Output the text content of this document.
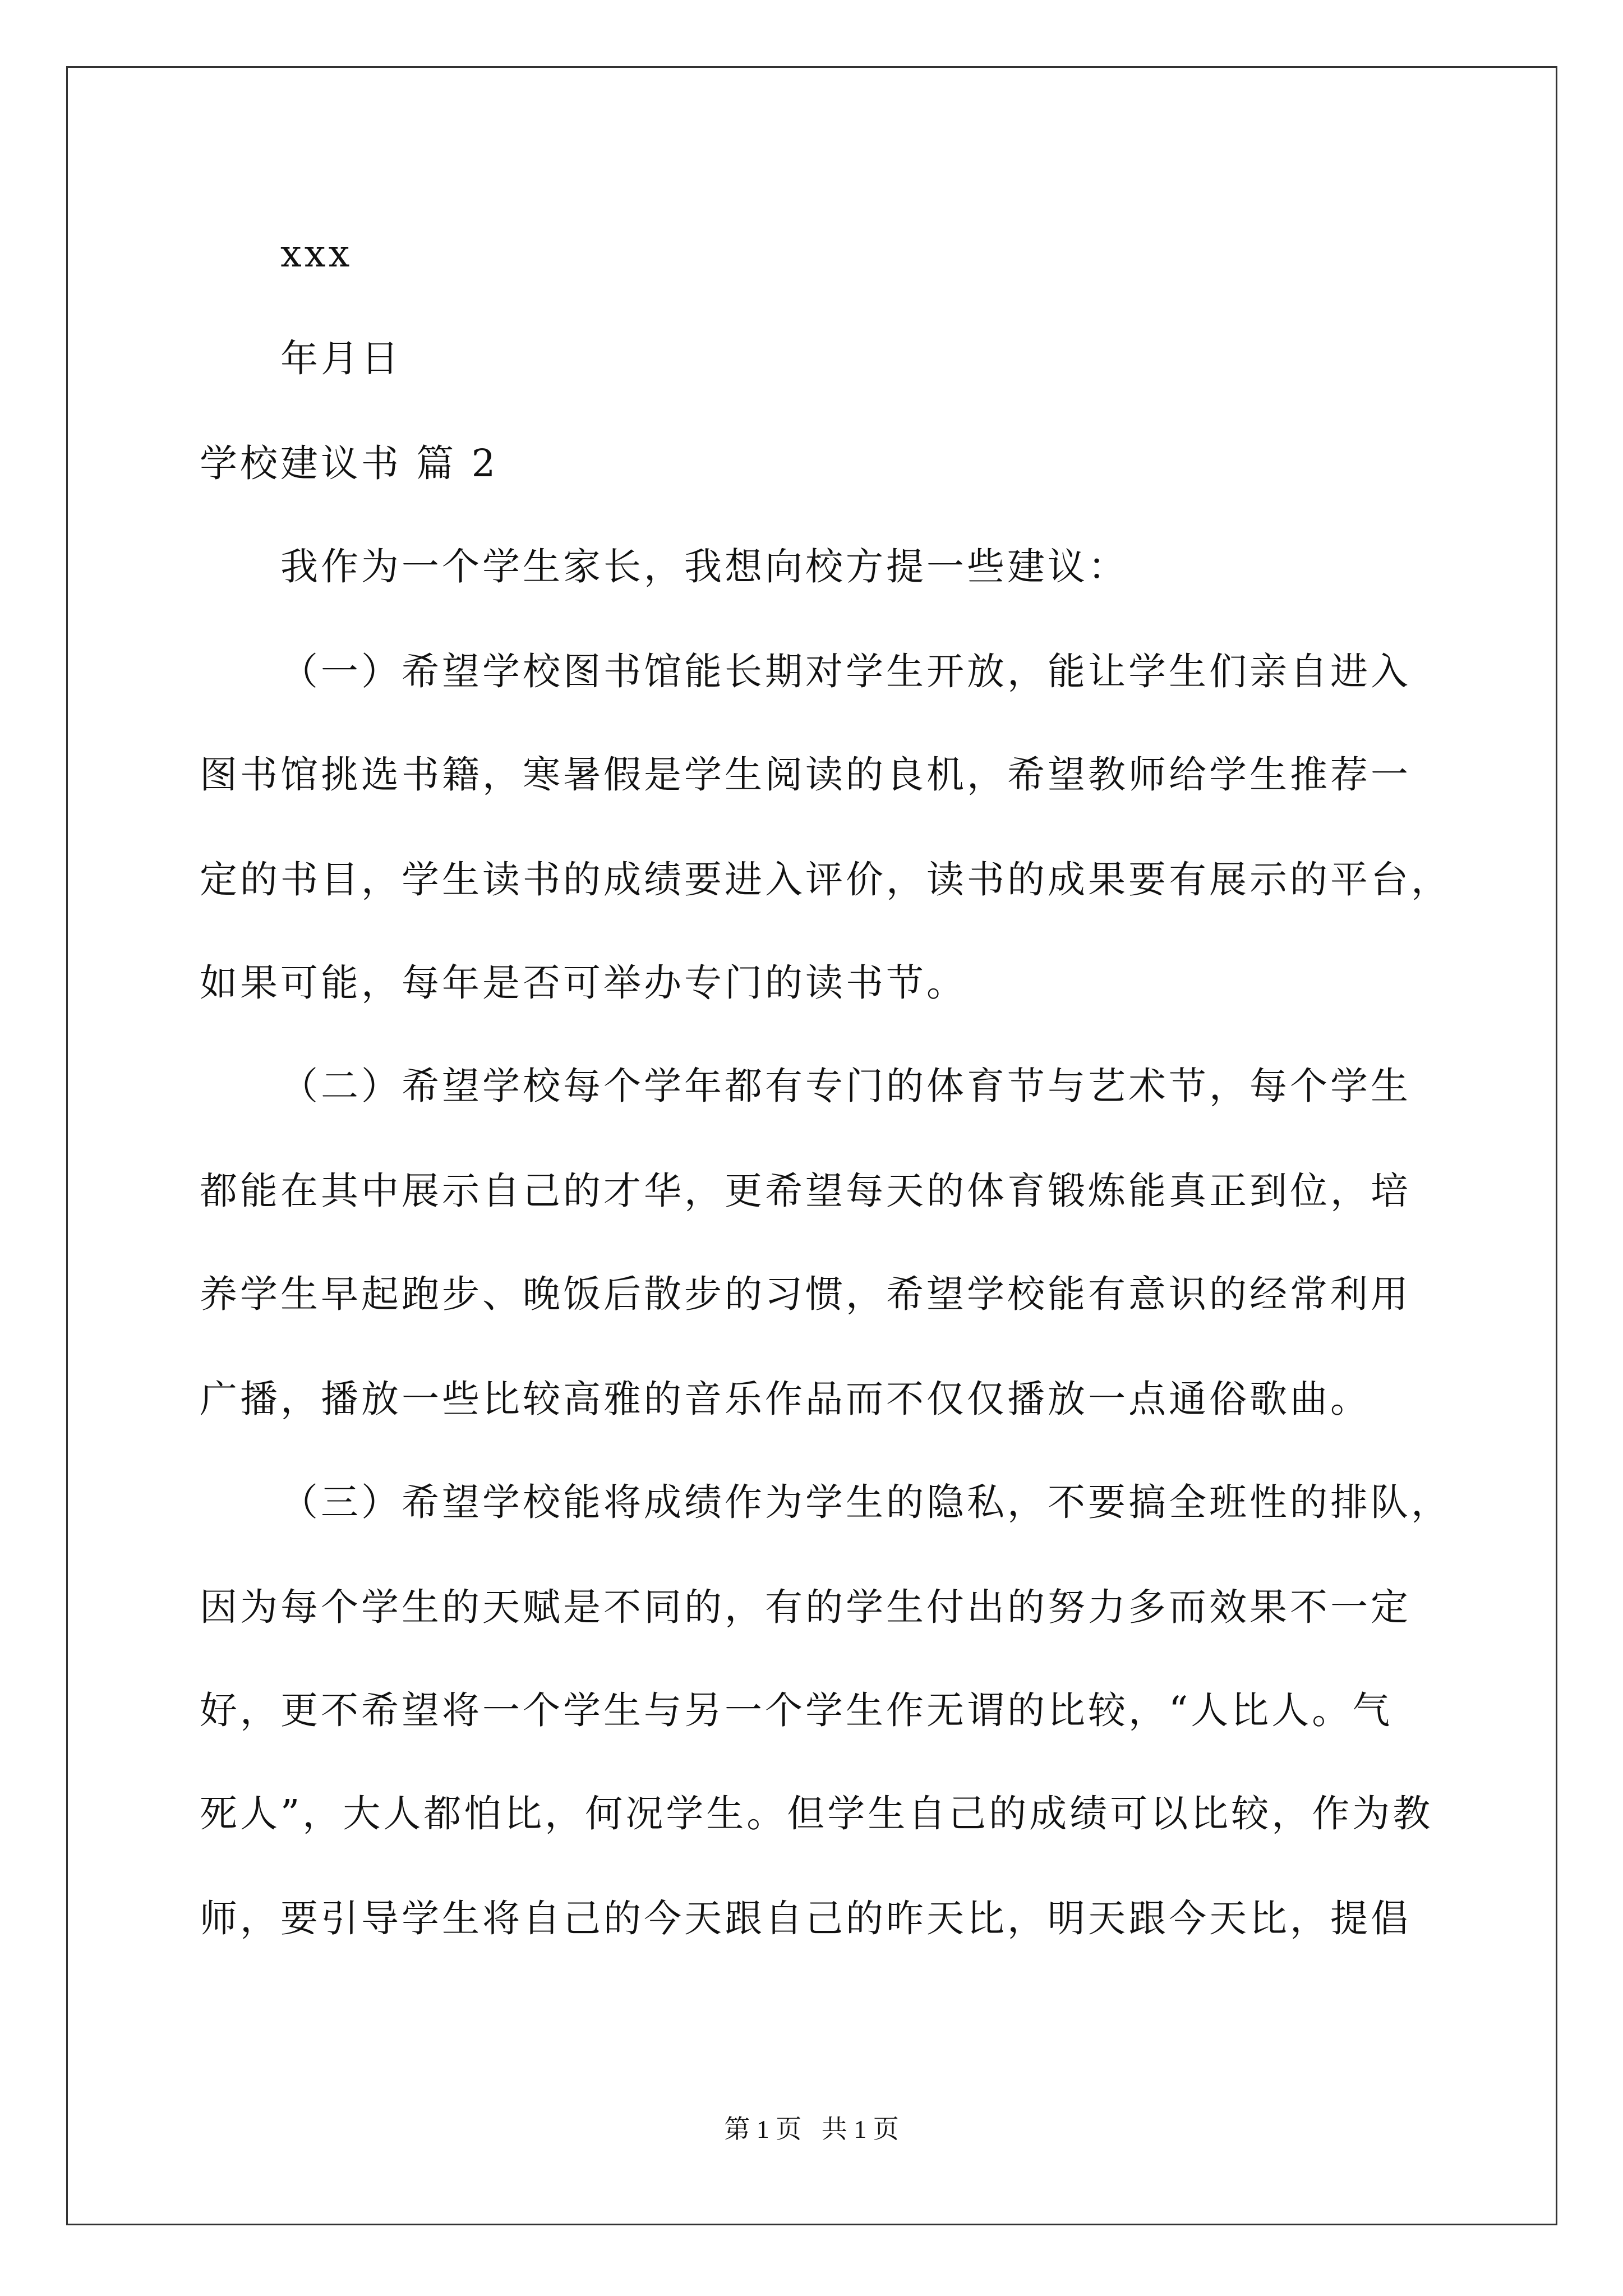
xxx
年月日
学校建议书 篇 2
我作为一个学生家长，我想向校方提一些建议：
（一）希望学校图书馆能长期对学生开放，能让学生们亲自进入
图书馆挑选书籍，寒暑假是学生阅读的良机，希望教师给学生推荐一
定的书目，学生读书的成绩要进入评价，读书的成果要有展示的平台，
如果可能，每年是否可举办专门的读书节。
（二）希望学校每个学年都有专门的体育节与艺术节，每个学生
都能在其中展示自己的才华，更希望每天的体育锻炼能真正到位，培
养学生早起跑步、晚饭后散步的习惯，希望学校能有意识的经常利用
广播，播放一些比较高雅的音乐作品而不仅仅播放一点通俗歌曲。
（三）希望学校能将成绩作为学生的隐私，不要搞全班性的排队，
因为每个学生的天赋是不同的，有的学生付出的努力多而效果不一定
好，更不希望将一个学生与另一个学生作无谓的比较，“人比人。气
死人”，大人都怕比，何况学生。但学生自己的成绩可以比较，作为教
师，要引导学生将自己的今天跟自己的昨天比，明天跟今天比，提倡
第 1 页 共 1 页
